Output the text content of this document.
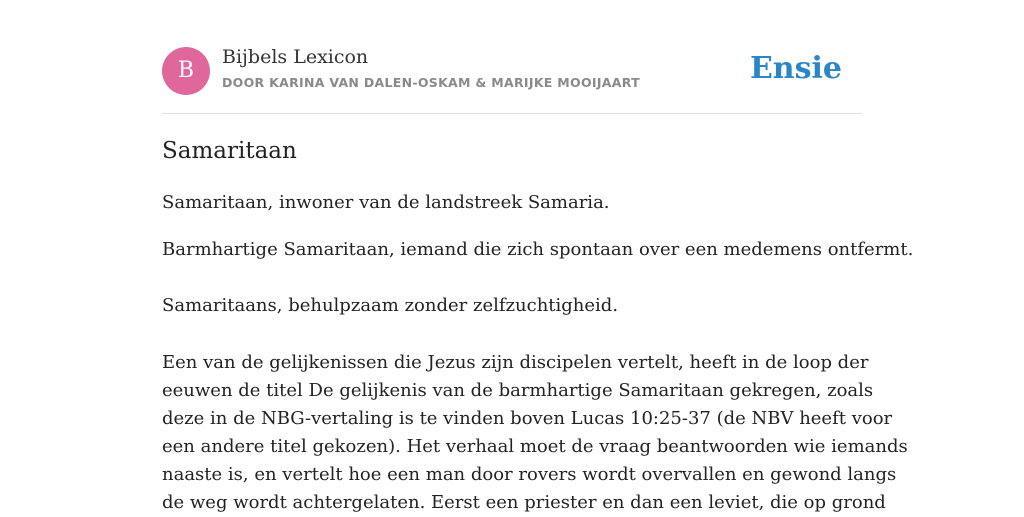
B
Bijbels Lexicon
DOOR KARINA VAN DALEN-OSKAM & MARIJKE MOOIJAART	Ensie
Samaritaan

Samaritaan, inwoner van de landstreek Samaria.

Barmhartige Samaritaan, iemand die zich spontaan over een medemens ontfermt.

Samaritaans, behulpzaam zonder zelfzuchtigheid.

Een van de gelijkenissen die Jezus zijn discipelen vertelt, heeft in de loop der
eeuwen de titel De gelijkenis van de barmhartige Samaritaan gekregen, zoals
deze in de NBG-vertaling is te vinden boven Lucas 10:25-37 (de NBV heeft voor
een andere titel gekozen). Het verhaal moet de vraag beantwoorden wie iemands
naaste is, en vertelt hoe een man door rovers wordt overvallen en gewond langs
de weg wordt achtergelaten. Eerst een priester en dan een leviet, die op grond
